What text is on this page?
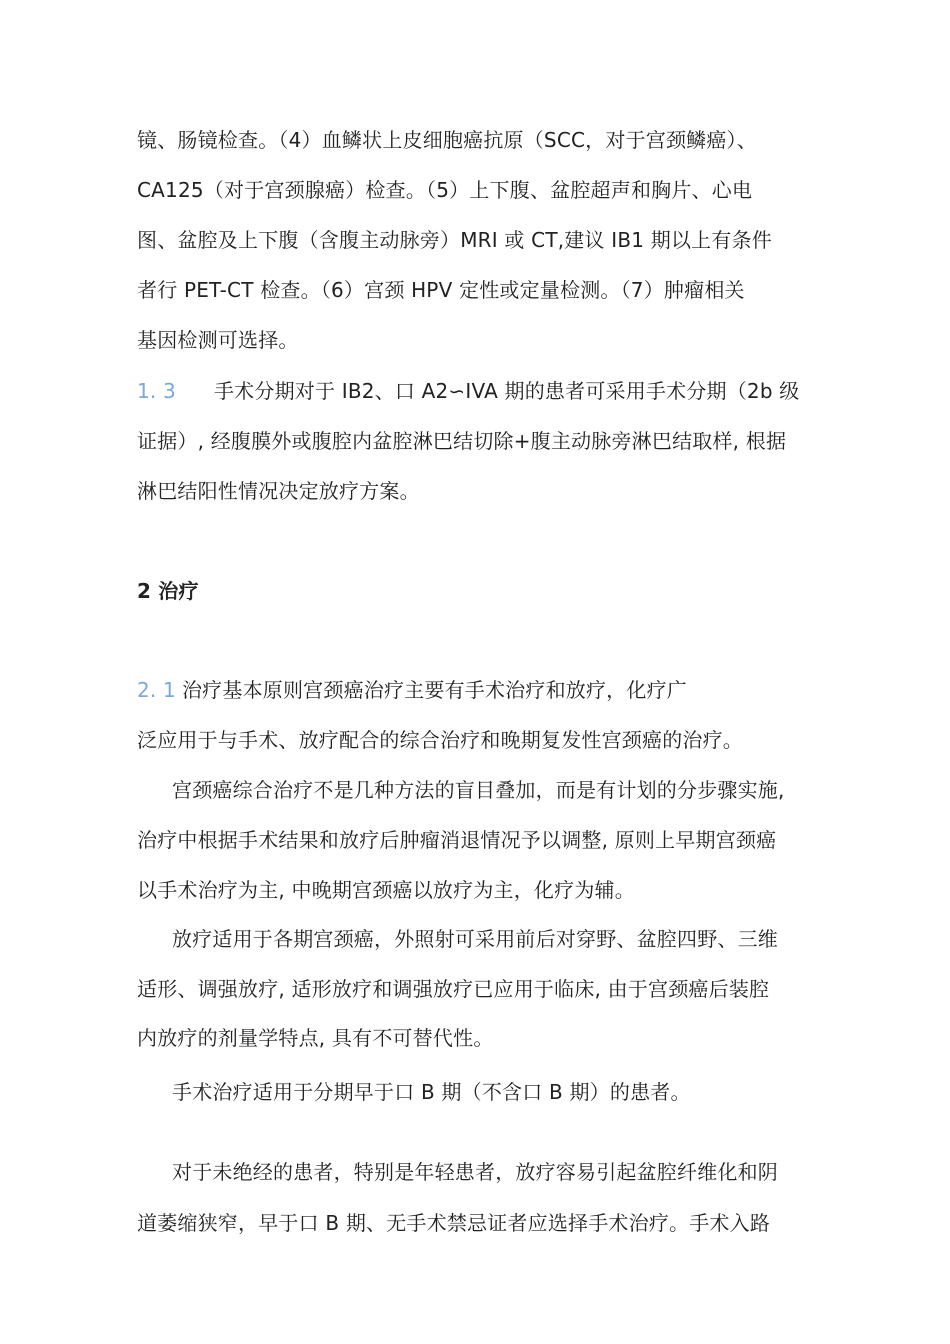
镜、肠镜检查。（4）血鳞状上皮细胞癌抗原（SCC，对于宫颈鳞癌）、
CA125（对于宫颈腺癌）检查。（5）上下腹、盆腔超声和胸片、心电
图、盆腔及上下腹（含腹主动脉旁）MRI 或 CT,建议 IB1 期以上有条件
者行 PET-CT 检查。（6）宫颈 HPV 定性或定量检测。（7）肿瘤相关
基因检测可选择。
1. 3 手术分期对于 IB2、口 A2∽IVA 期的患者可采用手术分期（2b 级
证据）, 经腹膜外或腹腔内盆腔淋巴结切除+腹主动脉旁淋巴结取样, 根据
淋巴结阳性情况决定放疗方案。
2 治疗
2. 1 治疗基本原则宫颈癌治疗主要有手术治疗和放疗，化疗广
泛应用于与手术、放疗配合的综合治疗和晚期复发性宫颈癌的治疗。
宫颈癌综合治疗不是几种方法的盲目叠加，而是有计划的分步骤实施,
治疗中根据手术结果和放疗后肿瘤消退情况予以调整, 原则上早期宫颈癌
以手术治疗为主, 中晚期宫颈癌以放疗为主，化疗为辅。
放疗适用于各期宫颈癌，外照射可采用前后对穿野、盆腔四野、三维
适形、调强放疗, 适形放疗和调强放疗已应用于临床, 由于宫颈癌后装腔
内放疗的剂量学特点, 具有不可替代性。
手术治疗适用于分期早于口 B 期（不含口 B 期）的患者。
对于未绝经的患者，特别是年轻患者，放疗容易引起盆腔纤维化和阴
道萎缩狭窄，早于口 B 期、无手术禁忌证者应选择手术治疗。手术入路
